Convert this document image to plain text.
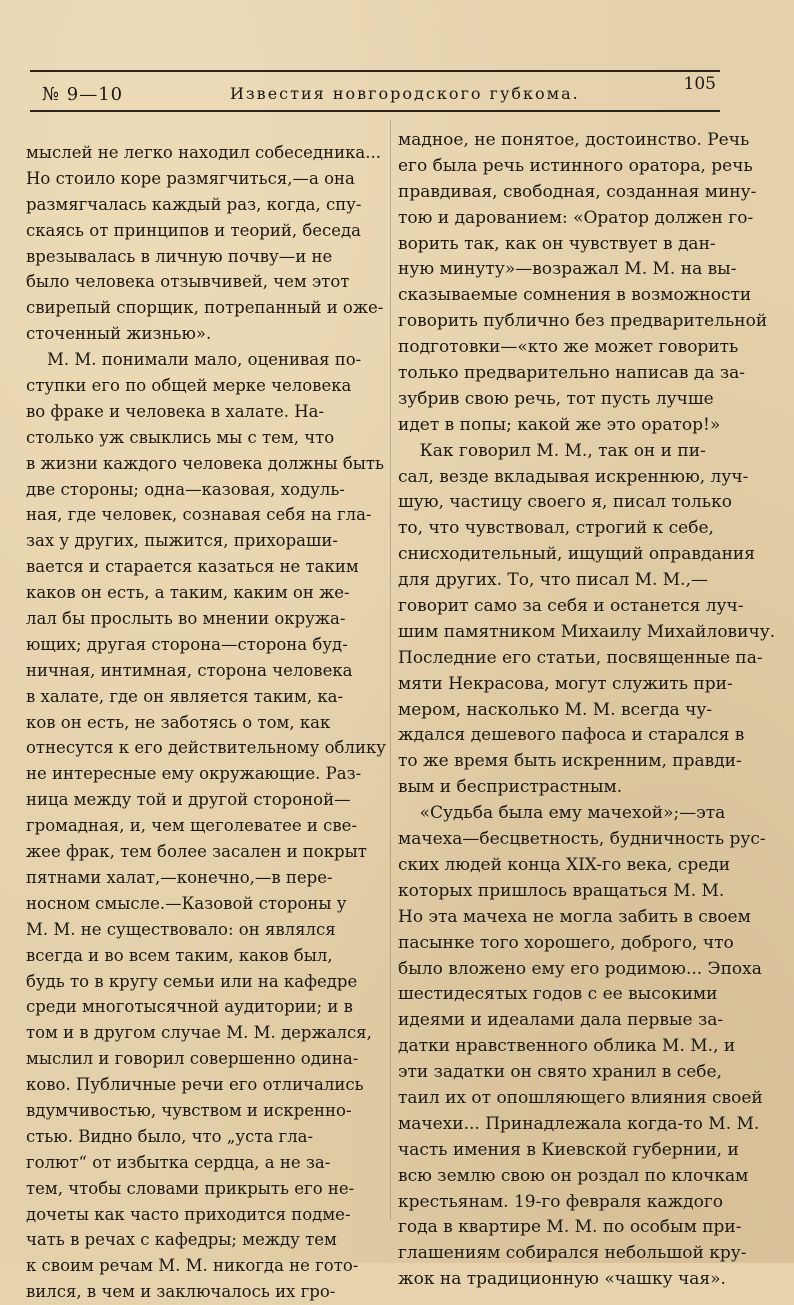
№ 9—10	Известия новгородского губкома.	105
мыслей не легко находил собеседника...
Но стоило коре размягчиться,—а она
размягчалась каждый раз, когда, спу-
скаясь от принципов и теорий, беседа
врезывалась в личную почву—и не
было человека отзывчивей, чем этот
свирепый спорщик, потрепанный и оже-
сточенный жизнью».
М. М. понимали мало, оценивая по-
ступки его по общей мерке человека
во фраке и человека в халате. На-
столько уж свыклись мы с тем, что
в жизни каждого человека должны быть
две стороны; одна—казовая, ходуль-
ная, где человек, сознавая себя на гла-
зах у других, пыжится, прихораши-
вается и старается казаться не таким
каков он есть, а таким, каким он же-
лал бы прослыть во мнении окружа-
ющих; другая сторона—сторона буд-
ничная, интимная, сторона человека
в халате, где он является таким, ка-
ков он есть, не заботясь о том, как
отнесутся к его действительному облику
не интересные ему окружающие. Раз-
ница между той и другой стороной—
громадная, и, чем щеголеватее и све-
жее фрак, тем более засален и покрыт
пятнами халат,—конечно,—в пере-
носном смысле.—Казовой стороны у
М. М. не существовало: он являлся
всегда и во всем таким, каков был,
будь то в кругу семьи или на кафедре
среди многотысячной аудитории; и в
том и в другом случае М. М. держался,
мыслил и говорил совершенно одина-
ково. Публичные речи его отличались
вдумчивостью, чувством и искренно-
стью. Видно было, что „уста гла-
голют“ от избытка сердца, а не за-
тем, чтобы словами прикрыть его не-
дочеты как часто приходится подме-
чать в речах с кафедры; между тем
к своим речам М. М. никогда не гото-
вился, в чем и заключалось их гро-
мадное, не понятое, достоинство. Речь
его была речь истинного оратора, речь
правдивая, свободная, созданная мину-
тою и дарованием: «Оратор должен го-
ворить так, как он чувствует в дан-
ную минуту»—возражал М. М. на вы-
сказываемые сомнения в возможности
говорить публично без предварительной
подготовки—«кто же может говорить
только предварительно написав да за-
зубрив свою речь, тот пусть лучше
идет в попы; какой же это оратор!»
Как говорил М. М., так он и пи-
сал, везде вкладывая искреннюю, луч-
шую, частицу своего я, писал только
то, что чувствовал, строгий к себе,
снисходительный, ищущий оправдания
для других. То, что писал М. М.,—
говорит само за себя и останется луч-
шим памятником Михаилу Михайловичу.
Последние его статьи, посвященные па-
мяти Некрасова, могут служить при-
мером, насколько М. М. всегда чу-
ждался дешевого пафоса и старался в
то же время быть искренним, правди-
вым и беспристрастным.
«Судьба была ему мачехой»;—эта
мачеха—бесцветность, будничность рус-
ских людей конца XIX-го века, среди
которых пришлось вращаться М. М.
Но эта мачеха не могла забить в своем
пасынке того хорошего, доброго, что
было вложено ему его родимою... Эпоха
шестидесятых годов с ее высокими
идеями и идеалами дала первые за-
датки нравственного облика М. М., и
эти задатки он свято хранил в себе,
таил их от опошляющего влияния своей
мачехи... Принадлежала когда-то М. М.
часть имения в Киевской губернии, и
всю землю свою он роздал по клочкам
крестьянам. 19-го февраля каждого
года в квартире М. М. по особым при-
глашениям собирался небольшой кру-
жок на традиционную «чашку чая».
